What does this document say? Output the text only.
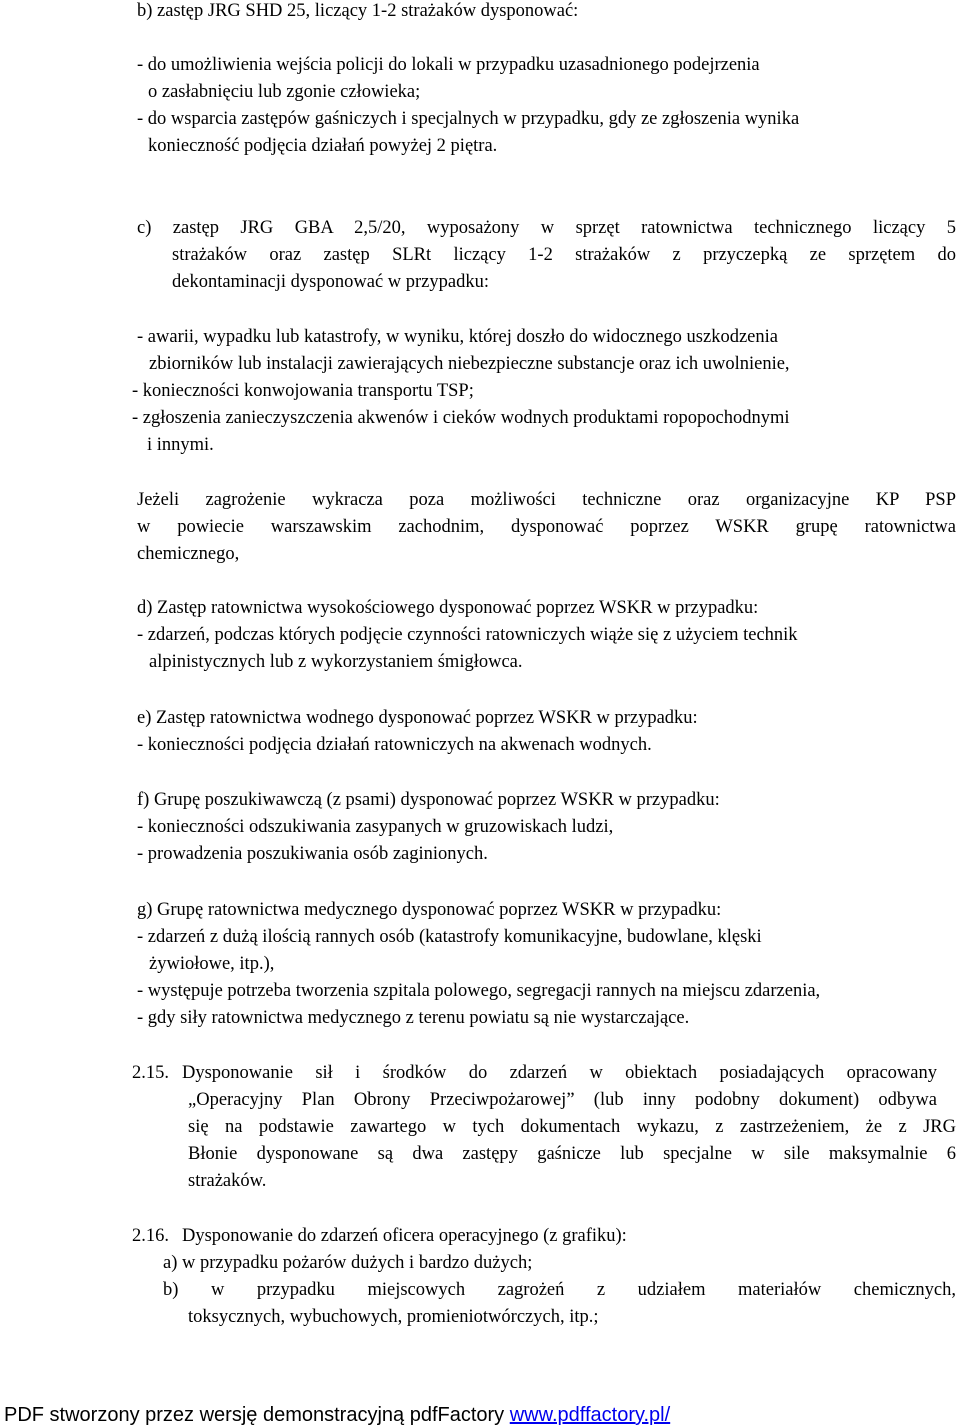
b) zastęp JRG SHD 25, liczący 1-2 strażaków dysponować:
- do umożliwienia wejścia policji do lokali w przypadku uzasadnionego podejrzenia
o zasłabnięciu lub zgonie człowieka;
- do wsparcia zastępów gaśniczych i specjalnych w przypadku, gdy ze zgłoszenia wynika
konieczność podjęcia działań powyżej 2 piętra.
c) zastęp JRG GBA 2,5/20, wyposażony w sprzęt ratownictwa technicznego liczący 5
strażaków oraz zastęp SLRt liczący 1-2 strażaków z przyczepką ze sprzętem do
dekontaminacji dysponować w przypadku:
- awarii, wypadku lub katastrofy, w wyniku, której doszło do widocznego uszkodzenia
zbiorników lub instalacji zawierających niebezpieczne substancje oraz ich uwolnienie,
- konieczności konwojowania transportu TSP;
- zgłoszenia zanieczyszczenia akwenów i cieków wodnych produktami ropopochodnymi
i innymi.
Jeżeli zagrożenie wykracza poza możliwości techniczne oraz organizacyjne KP PSP
w powiecie warszawskim zachodnim, dysponować poprzez WSKR grupę ratownictwa
chemicznego,
d) Zastęp ratownictwa wysokościowego dysponować poprzez WSKR w przypadku:
- zdarzeń, podczas których podjęcie czynności ratowniczych wiąże się z użyciem technik
alpinistycznych lub z wykorzystaniem śmigłowca.
e) Zastęp ratownictwa wodnego dysponować poprzez WSKR w przypadku:
- konieczności podjęcia działań ratowniczych na akwenach wodnych.
f) Grupę poszukiwawczą (z psami) dysponować poprzez WSKR w przypadku:
- konieczności odszukiwania zasypanych w gruzowiskach ludzi,
- prowadzenia poszukiwania osób zaginionych.
g) Grupę ratownictwa medycznego dysponować poprzez WSKR w przypadku:
- zdarzeń z dużą ilością rannych osób (katastrofy komunikacyjne, budowlane, klęski
żywiołowe, itp.),
- występuje potrzeba tworzenia szpitala polowego, segregacji rannych na miejscu zdarzenia,
- gdy siły ratownictwa medycznego z terenu powiatu są nie wystarczające.
2.15. Dysponowanie sił i środków do zdarzeń w obiektach posiadających opracowany
„Operacyjny Plan Obrony Przeciwpożarowej” (lub inny podobny dokument) odbywa
się na podstawie zawartego w tych dokumentach wykazu, z zastrzeżeniem, że z JRG
Błonie dysponowane są dwa zastępy gaśnicze lub specjalne w sile maksymalnie 6
strażaków.
2.16. Dysponowanie do zdarzeń oficera operacyjnego (z grafiku):
a) w przypadku pożarów dużych i bardzo dużych;
b) w przypadku miejscowych zagrożeń z udziałem materiałów chemicznych,
toksycznych, wybuchowych, promieniotwórczych, itp.;
PDF stworzony przez wersję demonstracyjną pdfFactory www.pdffactory.pl/
